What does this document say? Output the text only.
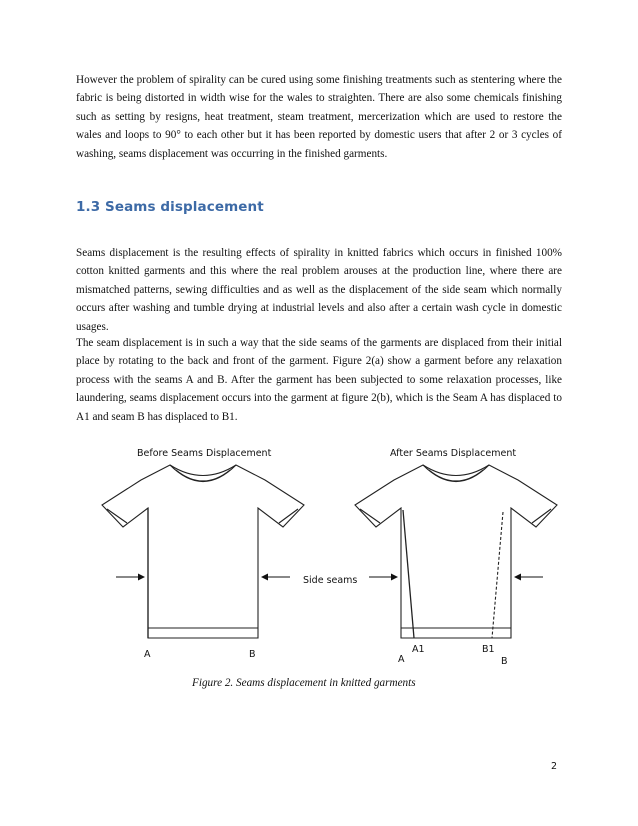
However the problem of spirality can be cured using some finishing treatments such as stentering where the fabric is being distorted in width wise for the wales to straighten. There are also some chemicals finishing such as setting by resigns, heat treatment, steam treatment, mercerization which are used to restore the wales and loops to 90° to each other but it has been reported by domestic users that after 2 or 3 cycles of washing, seams displacement was occurring in the finished garments.

1.3 Seams displacement

Seams displacement is the resulting effects of spirality in knitted fabrics which occurs in finished 100% cotton knitted garments and this where the real problem arouses at the production line, where there are mismatched patterns, sewing difficulties and as well as the displacement of the side seam which normally occurs after washing and tumble drying at industrial levels and also after a certain wash cycle in domestic usages.

The seam displacement is in such a way that the side seams of the garments are displaced from their initial place by rotating to the back and front of the garment. Figure 2(a) show a garment before any relaxation process with the seams A and B. After the garment has been subjected to some relaxation processes, like laundering, seams displacement occurs into the garment at figure 2(b), which is the Seam A has displaced to A1 and seam B has displaced to B1.

Before Seams Displacement	After Seams Displacement
Side seams
A	B	A1
A
B1
B
Figure 2. Seams displacement in knitted garments
2
